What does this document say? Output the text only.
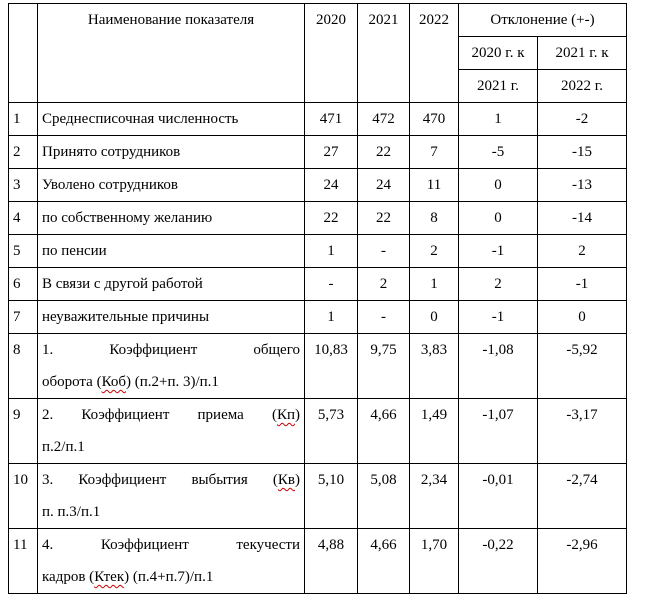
	Наименование показателя	2020	2021	2022	Отклонение (+-)	
					2020 г. к	2021 г. к
					2021 г.	2022 г.
1	Среднесписочная численность	471	472	470	1	-2
2	Принято сотрудников	27	22	7	-5	-15
3	Уволено сотрудников	24	24	11	0	-13
4	по собственному желанию	22	22	8	0	-14
5	по пенсии	1	-	2	-1	2
6	В связи с другой работой	-	2	1	2	-1
7	неуважительные причины	1	-	0	-1	0
8	1. Коэффициент общего
оборота (Коб) (п.2+п. 3)/п.1	10,83	9,75	3,83	-1,08	-5,92
9	2. Коэффициент приема (Кп)
п.2/п.1	5,73	4,66	1,49	-1,07	-3,17
10	3. Коэффициент выбытия (Кв)
п. п.3/п.1	5,10	5,08	2,34	-0,01	-2,74
11	4. Коэффициент текучести
кадров (Ктек) (п.4+п.7)/п.1	4,88	4,66	1,70	-0,22	-2,96
